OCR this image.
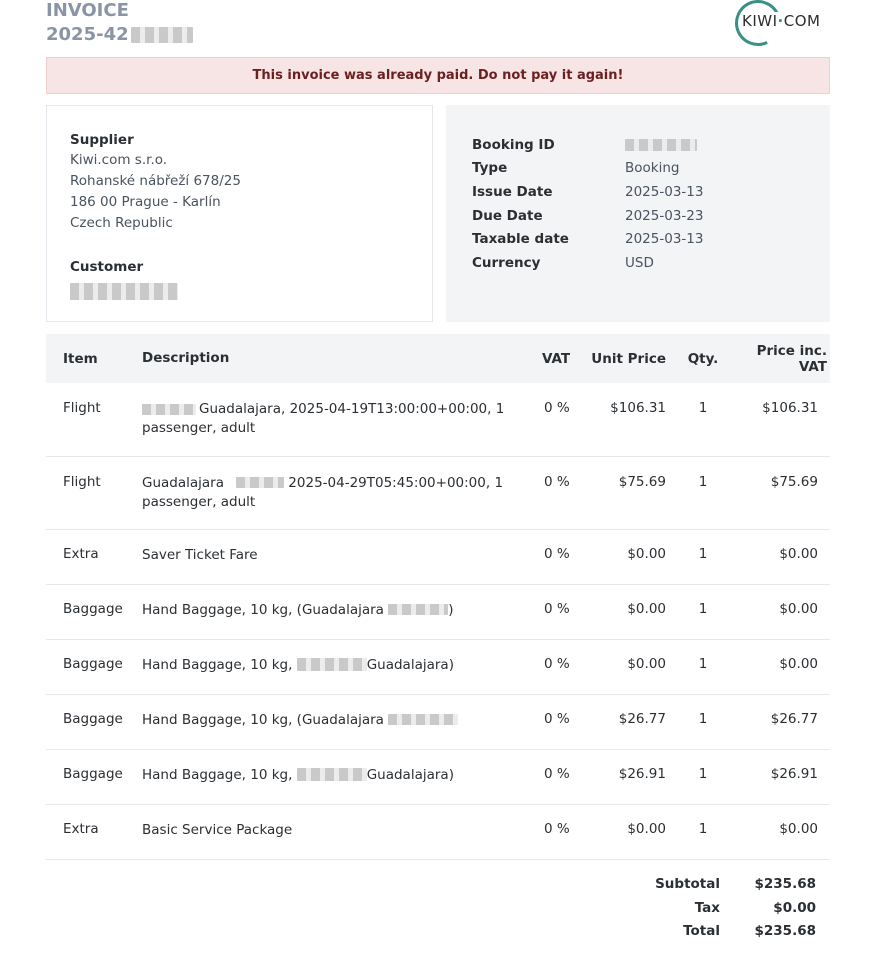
INVOICE
2025-42
KIWI·COM
This invoice was already paid. Do not pay it again!
Supplier
Kiwi.com s.r.o.
Rohanské nábřeží 678/25
186 00 Prague - Karlín
Czech Republic
Customer
Booking ID
Type	Booking
Issue Date	2025-03-13
Due Date	2025-03-23
Taxable date	2025-03-13
Currency	USD
Item	Description	VAT	Unit Price	Qty.	Price inc. VAT
Flight	Guadalajara, 2025-04-19T13:00:00+00:00, 1 passenger, adult	0 %	$106.31	1	$106.31
Flight	Guadalajara 2025-04-29T05:45:00+00:00, 1 passenger, adult	0 %	$75.69	1	$75.69
Extra	Saver Ticket Fare	0 %	$0.00	1	$0.00
Baggage	Hand Baggage, 10 kg, (Guadalajara )	0 %	$0.00	1	$0.00
Baggage	Hand Baggage, 10 kg, Guadalajara)	0 %	$0.00	1	$0.00
Baggage	Hand Baggage, 10 kg, (Guadalajara	0 %	$26.77	1	$26.77
Baggage	Hand Baggage, 10 kg, Guadalajara)	0 %	$26.91	1	$26.91
Extra	Basic Service Package	0 %	$0.00	1	$0.00
Subtotal	$235.68
Tax	$0.00
Total	$235.68
